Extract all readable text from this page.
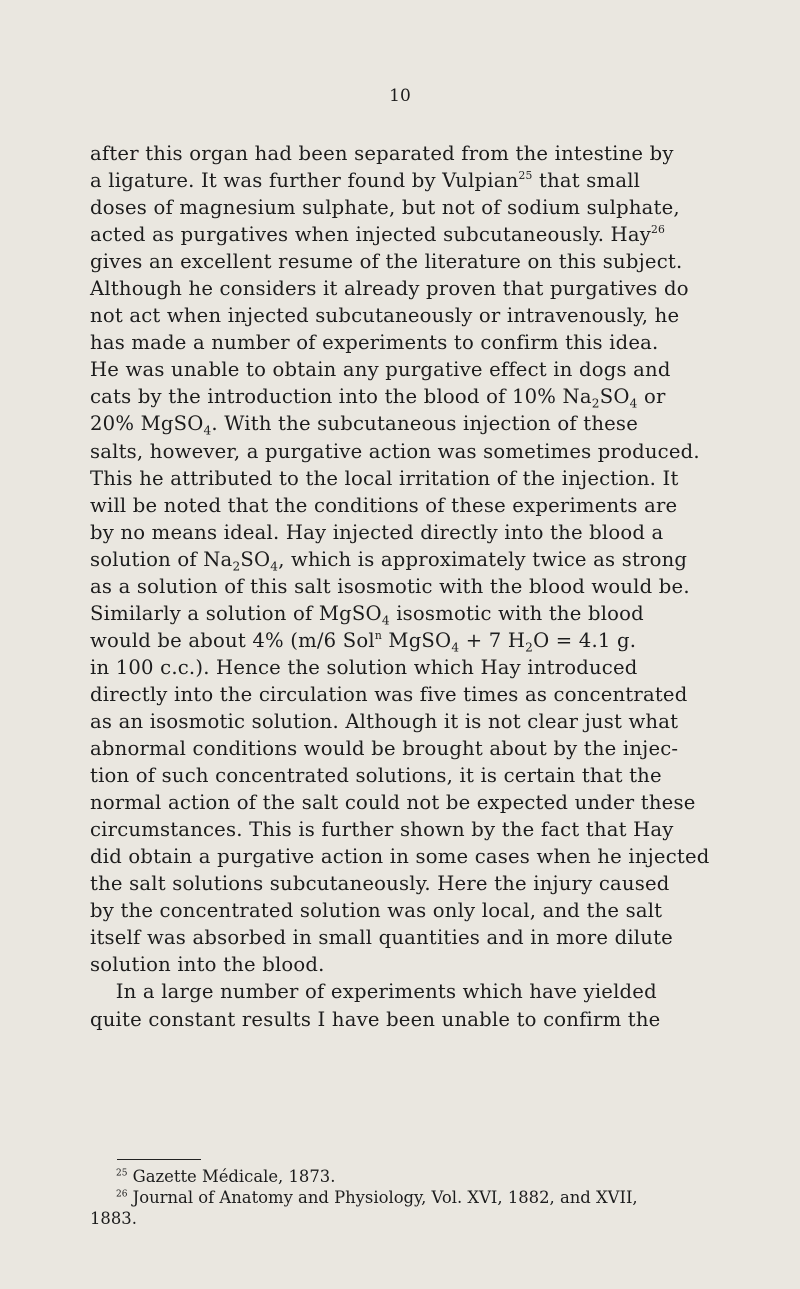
10
after this organ had been separated from the intestine by
a ligature. It was further found by Vulpian$^{25}$ that small
doses of magnesium sulphate, but not of sodium sulphate,
acted as purgatives when injected subcutaneously. Hay$^{26}$
gives an excellent resume of the literature on this subject.
Although he considers it already proven that purgatives do
not act when injected subcutaneously or intravenously, he
has made a number of experiments to confirm this idea.
He was unable to obtain any purgative effect in dogs and
cats by the introduction into the blood of 10% $Na_2SO_4$ or
20% MgSO$_4$. With the subcutaneous injection of these
salts, however, a purgative action was sometimes produced.
This he attributed to the local irritation of the injection. It
will be noted that the conditions of these experiments are
by no means ideal. Hay injected directly into the blood a
solution of $Na_2SO_4$, which is approximately twice as strong
as a solution of this salt isosmotic with the blood would be.
Similarly a solution of MgSO$_4$ isosmotic with the blood
would be about 4% (m/6 Sol$^n$ MgSO$_4$ + 7 $H_2O = 4.1$ g.
in 100 c.c.). Hence the solution which Hay introduced
directly into the circulation was five times as concentrated
as an isosmotic solution. Although it is not clear just what
abnormal conditions would be brought about by the injec-
tion of such concentrated solutions, it is certain that the
normal action of the salt could not be expected under these
circumstances. This is further shown by the fact that Hay
did obtain a purgative action in some cases when he injected
the salt solutions subcutaneously. Here the injury caused
by the concentrated solution was only local, and the salt
itself was absorbed in small quantities and in more dilute
solution into the blood.
In a large number of experiments which have yielded
quite constant results I have been unable to confirm the
$^{25}$ Gazette Médicale, 1873.
$^{26}$ Journal of Anatomy and Physiology, Vol. XVI, 1882, and XVII,
1883.
